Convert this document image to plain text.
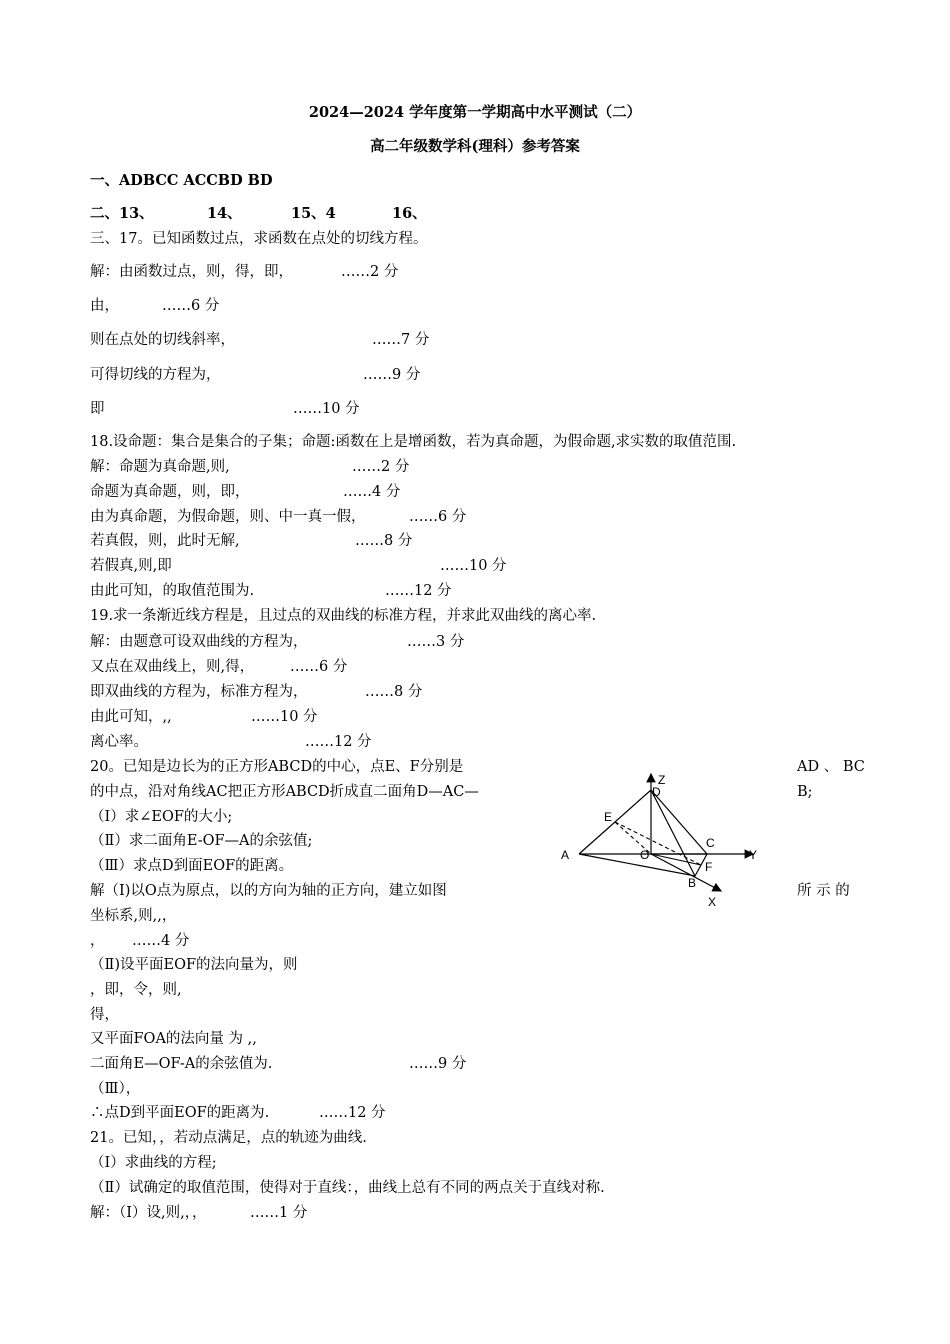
2024—2024 学年度第一学期高中水平测试（二）
高二年级数学科(理科）参考答案
一、ADBCC ACCBD BD
二、13、	14、	15、4	16、
三、17。已知函数过点，求函数在点处的切线方程。
解：由函数过点，则，得，即，	……2 分
由，	……6 分
则在点处的切线斜率，	……7 分
可得切线的方程为，	……9 分
即	……10 分
18.设命题：集合是集合的子集；命题:函数在上是增函数，若为真命题，为假命题,求实数的取值范围.
解：命题为真命题,则,	……2 分
命题为真命题，则，即，	……4 分
由为真命题，为假命题，则、中一真一假，	……6 分
若真假，则，此时无解,	……8 分
若假真,则,即	……10 分
由此可知，的取值范围为.	……12 分
19.求一条渐近线方程是，且过点的双曲线的标准方程，并求此双曲线的离心率.
解：由题意可设双曲线的方程为，	……3 分
又点在双曲线上，则,得， ……6 分
即双曲线的方程为，标准方程为，	……8 分
由此可知，,,	……10 分
离心率。	……12 分
20。已知是边长为的正方形ABCD的中心，点E、F分别是	AD 、 BC
的中点，沿对角线AC把正方形ABCD折成直二面角D—AC—	B;
（Ⅰ）求∠EOF的大小;
（Ⅱ）求二面角E-OF—A的余弦值;
（Ⅲ）求点D到面EOF的距离。
解（Ⅰ)以O点为原点，以的方向为轴的正方向，建立如图	所 示 的
坐标系,则,,，
， ……4 分
（Ⅱ)设平面EOF的法向量为，则
，即，令，则,
得，
又平面FOA的法向量 为 ,,
二面角E—OF-A的余弦值为.	……9 分
（Ⅲ），
∴点D到平面EOF的距离为.	……12 分
Z
D
E
C
Y
A	O
F
B
X
21。已知，，若动点满足，点的轨迹为曲线.
（Ⅰ）求曲线的方程;
（Ⅱ）试确定的取值范围，使得对于直线：，曲线上总有不同的两点关于直线对称.
解：（Ⅰ）设,则,，，	……1 分
